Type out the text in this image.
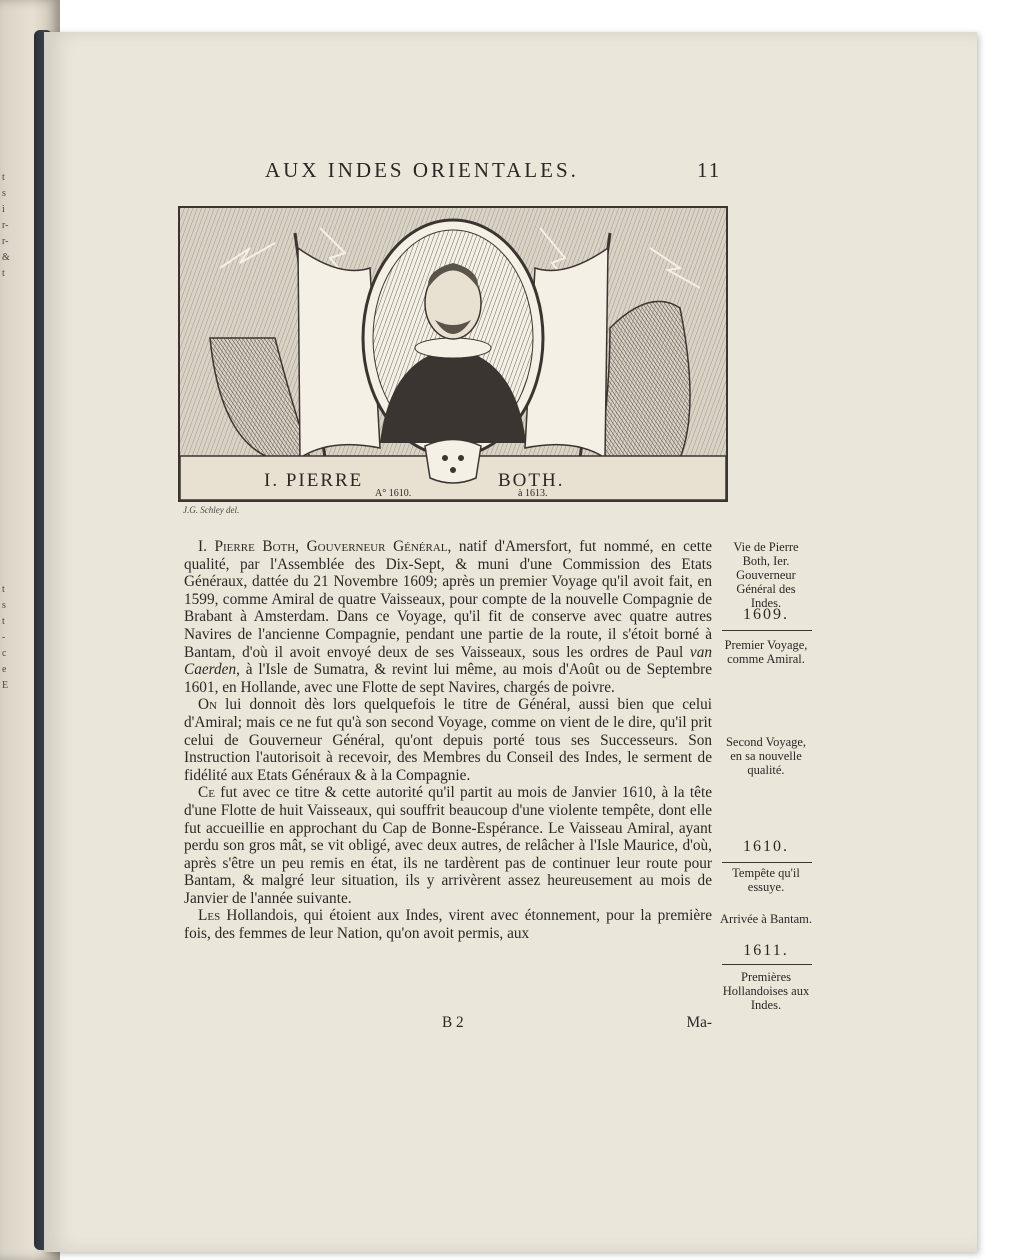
t
s
i
r-
r-
&
t
t
s
t
-
c
e
E
AUX INDES ORIENTALES.	11
I. PIERRE	BOTH.
A° 1610.	à 1613.
J.G. Schley del.

I. Pierre Both, Gouverneur Général, natif d'Amersfort, fut nommé, en cette qualité, par l'Assemblée des Dix-Sept, & muni d'une Commission des Etats Généraux, dattée du 21 Novembre 1609; après un premier Voyage qu'il avoit fait, en 1599, comme Amiral de quatre Vaisseaux, pour compte de la nouvelle Compagnie de Brabant à Amsterdam. Dans ce Voyage, qu'il fit de conserve avec quatre autres Navires de l'ancienne Compagnie, pendant une partie de la route, il s'étoit borné à Bantam, d'où il avoit envoyé deux de ses Vaisseaux, sous les ordres de Paul van Caerden, à l'Isle de Sumatra, & revint lui même, au mois d'Août ou de Septembre 1601, en Hollande, avec une Flotte de sept Navires, chargés de poivre.

On lui donnoit dès lors quelquefois le titre de Général, aussi bien que celui d'Amiral; mais ce ne fut qu'à son second Voyage, comme on vient de le dire, qu'il prit celui de Gouverneur Général, qu'ont depuis porté tous ses Successeurs. Son Instruction l'autorisoit à recevoir, des Membres du Conseil des Indes, le serment de fidélité aux Etats Généraux & à la Compagnie.

Ce fut avec ce titre & cette autorité qu'il partit au mois de Janvier 1610, à la tête d'une Flotte de huit Vaisseaux, qui souffrit beaucoup d'une violente tempête, dont elle fut accueillie en approchant du Cap de Bonne-Espérance. Le Vaisseau Amiral, ayant perdu son gros mât, se vit obligé, avec deux autres, de relâcher à l'Isle Maurice, d'où, après s'être un peu remis en état, ils ne tardèrent pas de continuer leur route pour Bantam, & malgré leur situation, ils y arrivèrent assez heureusement au mois de Janvier de l'année suivante.

Les Hollandois, qui étoient aux Indes, virent avec étonnement, pour la première fois, des femmes de leur Nation, qu'on avoit permis, aux

B 2	Ma-
Vie de Pierre Both, Ier. Gouverneur Général des Indes.
1609.
Premier Voyage, comme Amiral.
Second Voyage, en sa nouvelle qualité.
1610.
Tempête qu'il essuye.
Arrivée à Bantam.
1611.
Premières Hollandoises aux Indes.
